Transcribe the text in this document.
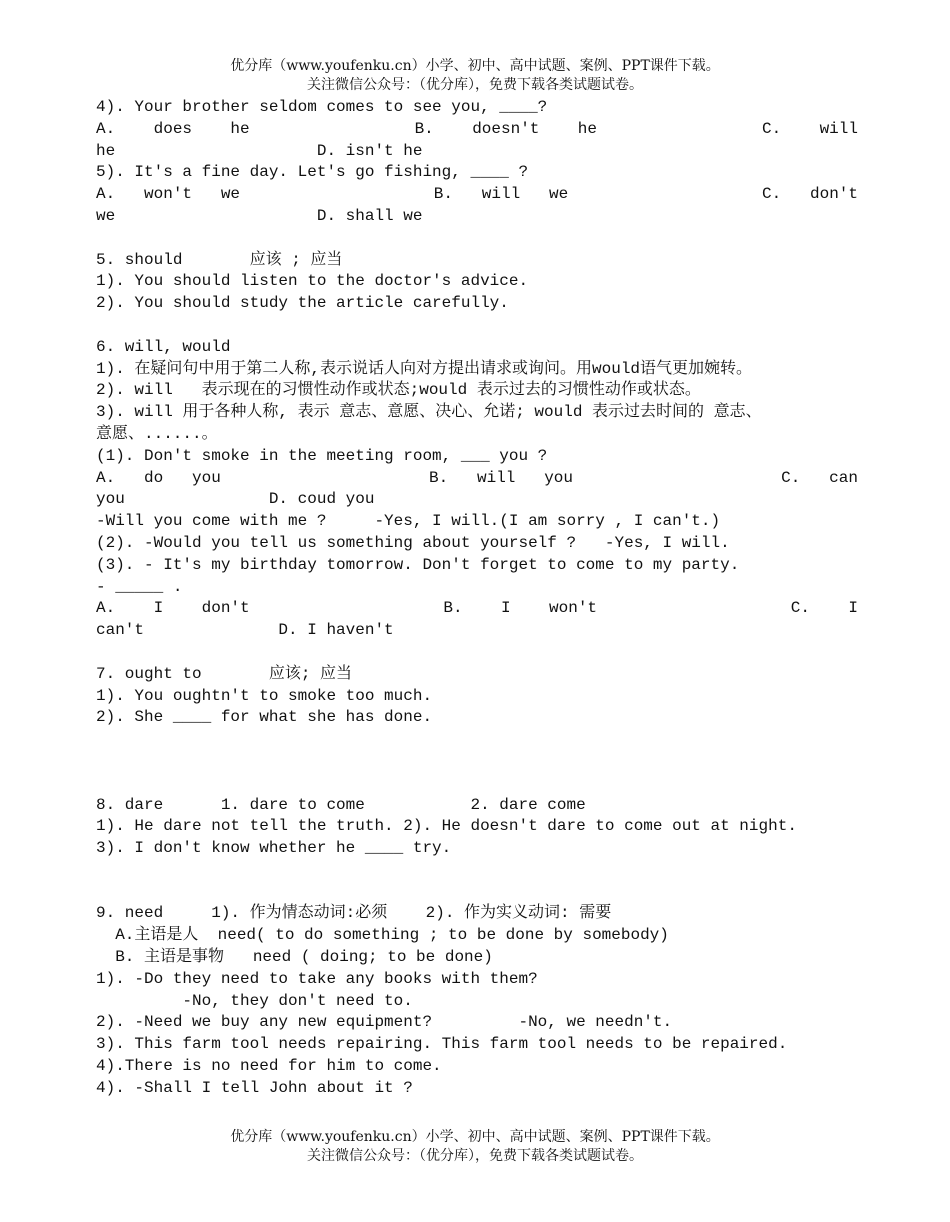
优分库（www.youfenku.cn）小学、初中、高中试题、案例、PPT课件下载。
关注微信公众号：（优分库），免费下载各类试题试卷。
4). Your brother seldom comes to see you, ____?
A.    does    he	B.    doesn't    he	C.    will
he                     D. isn't he
5). It's a fine day. Let's go fishing, ____ ?
A.   won't   we	B.   will   we	C.   don't
we                     D. shall we
5. should       应该 ; 应当
1). You should listen to the doctor's advice.
2). You should study the article carefully.
6. will, would
1). 在疑问句中用于第二人称,表示说话人向对方提出请求或询问。用would语气更加婉转。
2). will   表示现在的习惯性动作或状态;would 表示过去的习惯性动作或状态。
3). will 用于各种人称, 表示 意志、意愿、决心、允诺; would 表示过去时间的 意志、
意愿、......。
(1). Don't smoke in the meeting room, ___ you ?
A.   do   you	B.   will   you	C.   can
you               D. coud you
-Will you come with me ?     -Yes, I will.(I am sorry , I can't.)
(2). -Would you tell us something about yourself ?   -Yes, I will.
(3). - It's my birthday tomorrow. Don't forget to come to my party.
- _____ .
A.    I    don't	B.    I    won't	C.    I
can't              D. I haven't
7. ought to       应该; 应当
1). You oughtn't to smoke too much.
2). She ____ for what she has done.

8. dare      1. dare to come           2. dare come
1). He dare not tell the truth. 2). He doesn't dare to come out at night.
3). I don't know whether he ____ try.

9. need     1). 作为情态动词:必须    2). 作为实义动词: 需要
A.主语是人  need( to do something ; to be done by somebody)
B. 主语是事物   need ( doing; to be done)
1). -Do they need to take any books with them?
-No, they don't need to.
2). -Need we buy any new equipment?         -No, we needn't.
3). This farm tool needs repairing. This farm tool needs to be repaired.
4).There is no need for him to come.
4). -Shall I tell John about it ?
优分库（www.youfenku.cn）小学、初中、高中试题、案例、PPT课件下载。
关注微信公众号：（优分库），免费下载各类试题试卷。
